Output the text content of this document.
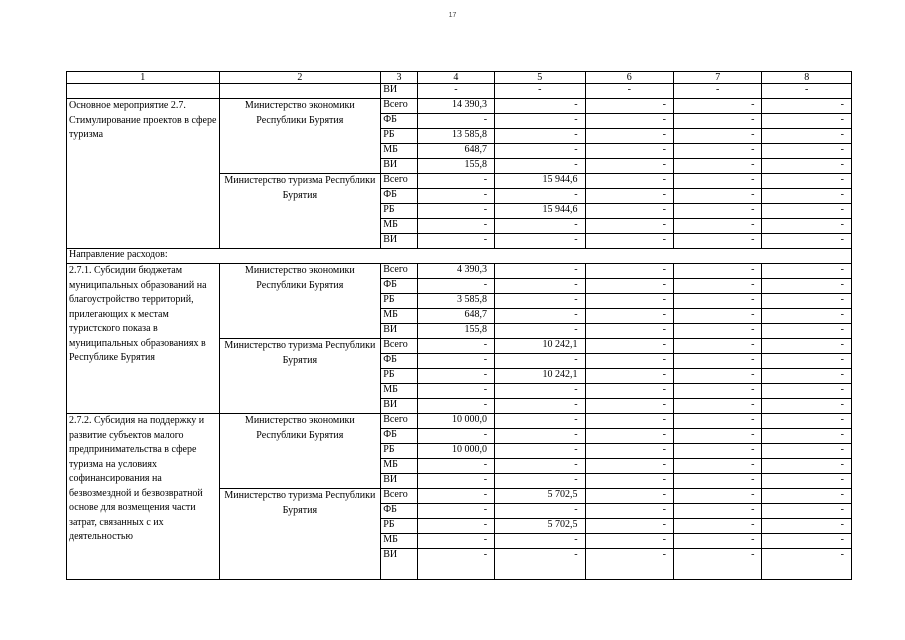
17
1	2	3	4	5	6	7	8
		ВИ	-	-	-	-	-
Основное мероприятие 2.7. Стимулирование проектов в сфере туризма	Министерство экономики Республики Бурятия	Всего	14 390,3	-	-	-	-
		ФБ	-	-	-	-	-
		РБ	13 585,8	-	-	-	-
		МБ	648,7	-	-	-	-
		ВИ	155,8	-	-	-	-
	Министерство туризма Республики Бурятия	Всего	-	15 944,6	-	-	-
		ФБ	-	-	-	-	-
		РБ	-	15 944,6	-	-	-
		МБ	-	-	-	-	-
		ВИ	-	-	-	-	-
Направление расходов:							
2.7.1. Субсидии бюджетам муниципальных образований на благоустройство территорий, прилегающих к местам туристского показа в муниципальных образованиях в Республике Бурятия	Министерство экономики Республики Бурятия	Всего	4 390,3	-	-	-	-
		ФБ	-	-	-	-	-
		РБ	3 585,8	-	-	-	-
		МБ	648,7	-	-	-	-
		ВИ	155,8	-	-	-	-
	Министерство туризма Республики Бурятия	Всего	-	10 242,1	-	-	-
		ФБ	-	-	-	-	-
		РБ	-	10 242,1	-	-	-
		МБ	-	-	-	-	-
		ВИ	-	-	-	-	-
2.7.2. Субсидия на поддержку и развитие субъектов малого предпринимательства в сфере туризма на условиях софинансирования на безвозмездной и безвозвратной основе для возмещения части затрат, связанных с их деятельностью	Министерство экономики Республики Бурятия	Всего	10 000,0	-	-	-	-
		ФБ	-	-	-	-	-
		РБ	10 000,0	-	-	-	-
		МБ	-	-	-	-	-
		ВИ	-	-	-	-	-
	Министерство туризма Республики Бурятия	Всего	-	5 702,5	-	-	-
		ФБ	-	-	-	-	-
		РБ	-	5 702,5	-	-	-
		МБ	-	-	-	-	-
		ВИ	-	-	-	-	-
